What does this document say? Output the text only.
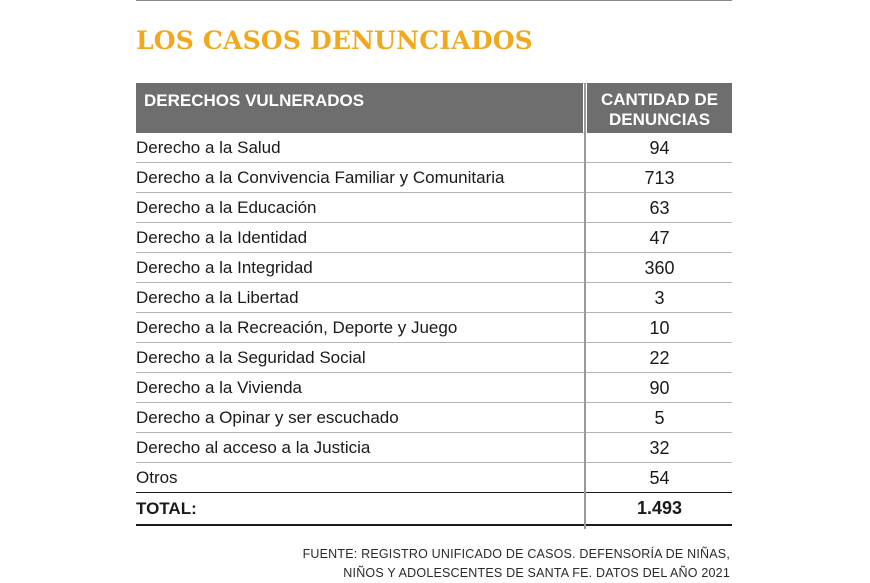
LOS CASOS DENUNCIADOS
DERECHOS VULNERADOS	CANTIDAD DE
DENUNCIAS
Derecho a la Salud	94
Derecho a la Convivencia Familiar y Comunitaria	713
Derecho a la Educación	63
Derecho a la Identidad	47
Derecho a la Integridad	360
Derecho a la Libertad	3
Derecho a la Recreación, Deporte y Juego	10
Derecho a la Seguridad Social	22
Derecho a la Vivienda	90
Derecho a Opinar y ser escuchado	5
Derecho al acceso a la Justicia	32
Otros	54
TOTAL:	1.493
FUENTE: REGISTRO UNIFICADO DE CASOS. DEFENSORÍA DE NIÑAS,
NIÑOS Y ADOLESCENTES DE SANTA FE. DATOS DEL AÑO 2021
